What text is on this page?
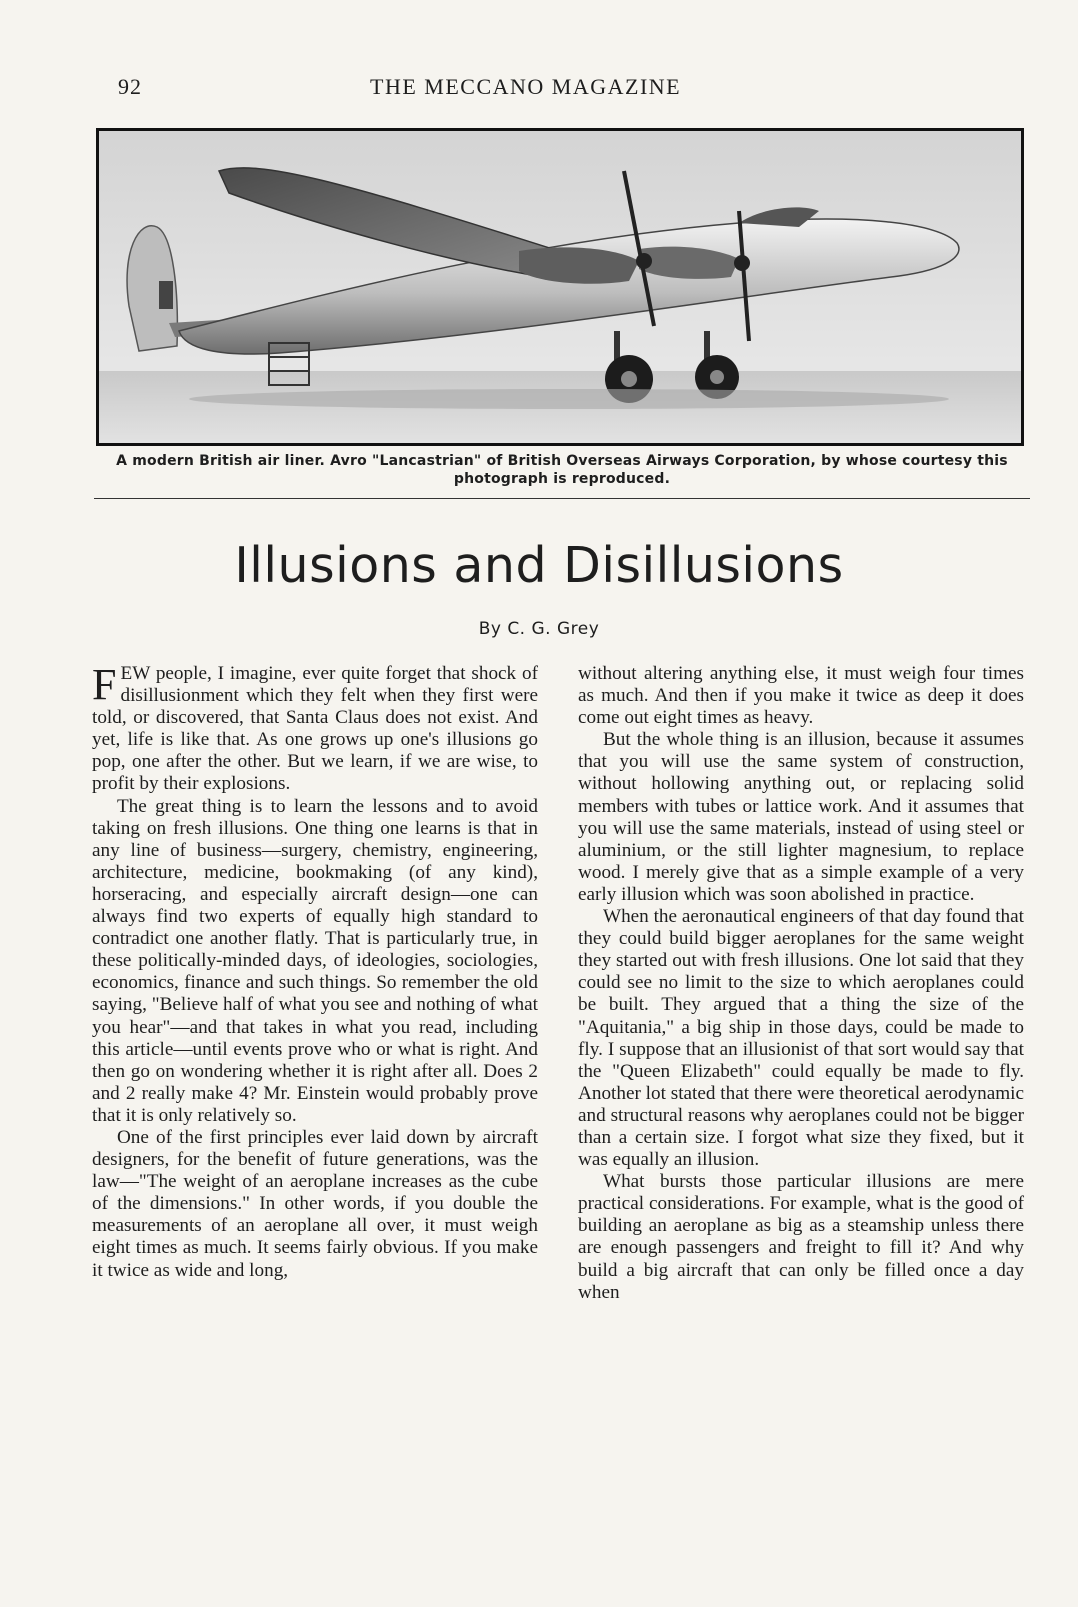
92	THE MECCANO MAGAZINE
A modern British air liner. Avro "Lancastrian" of British Overseas Airways Corporation, by whose courtesy this photograph is reproduced.
Illusions and Disillusions
By C. G. Grey

FEW people, I imagine, ever quite forget that shock of disillusionment which they felt when they first were told, or discovered, that Santa Claus does not exist. And yet, life is like that. As one grows up one's illusions go pop, one after the other. But we learn, if we are wise, to profit by their explosions.

The great thing is to learn the lessons and to avoid taking on fresh illusions. One thing one learns is that in any line of business—surgery, chemistry, engineering, architecture, medicine, bookmaking (of any kind), horseracing, and especially aircraft design—one can always find two experts of equally high standard to contradict one another flatly. That is particularly true, in these politically-minded days, of ideologies, sociologies, economics, finance and such things. So remember the old saying, "Believe half of what you see and nothing of what you hear"—and that takes in what you read, including this article—until events prove who or what is right. And then go on wondering whether it is right after all. Does 2 and 2 really make 4? Mr. Einstein would probably prove that it is only relatively so.

One of the first principles ever laid down by aircraft designers, for the benefit of future generations, was the law—"The weight of an aeroplane increases as the cube of the dimensions." In other words, if you double the measurements of an aeroplane all over, it must weigh eight times as much. It seems fairly obvious. If you make it twice as wide and long,

without altering anything else, it must weigh four times as much. And then if you make it twice as deep it does come out eight times as heavy.

But the whole thing is an illusion, because it assumes that you will use the same system of construction, without hollowing anything out, or replacing solid members with tubes or lattice work. And it assumes that you will use the same materials, instead of using steel or aluminium, or the still lighter magnesium, to replace wood. I merely give that as a simple example of a very early illusion which was soon abolished in practice.

When the aeronautical engineers of that day found that they could build bigger aeroplanes for the same weight they started out with fresh illusions. One lot said that they could see no limit to the size to which aeroplanes could be built. They argued that a thing the size of the "Aquitania," a big ship in those days, could be made to fly. I suppose that an illusionist of that sort would say that the "Queen Elizabeth" could equally be made to fly. Another lot stated that there were theoretical aerodynamic and structural reasons why aeroplanes could not be bigger than a certain size. I forgot what size they fixed, but it was equally an illusion.

What bursts those particular illusions are mere practical considerations. For example, what is the good of building an aeroplane as big as a steamship unless there are enough passengers and freight to fill it? And why build a big aircraft that can only be filled once a day when
